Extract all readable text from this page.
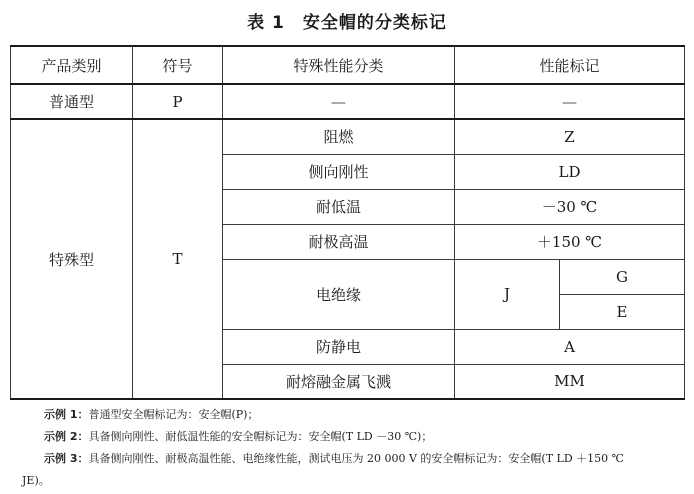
表 1　安全帽的分类标记
产品类别	符号	特殊性能分类	性能标记	
普通型	P	—	—	
特殊型	T	阻燃	Z	
		侧向刚性	LD	
		耐低温	－30 ℃	
		耐极高温	＋150 ℃	
		电绝缘	J	G
				E
		防静电	A	
		耐熔融金属飞溅	MM	
示例 1：普通型安全帽标记为：安全帽(P)；
示例 2：具备侧向刚性、耐低温性能的安全帽标记为：安全帽(T LD －30 ℃)；
示例 3：具备侧向刚性、耐极高温性能、电绝缘性能，测试电压为 20 000 V 的安全帽标记为：安全帽(T LD ＋150 ℃
JE)。
